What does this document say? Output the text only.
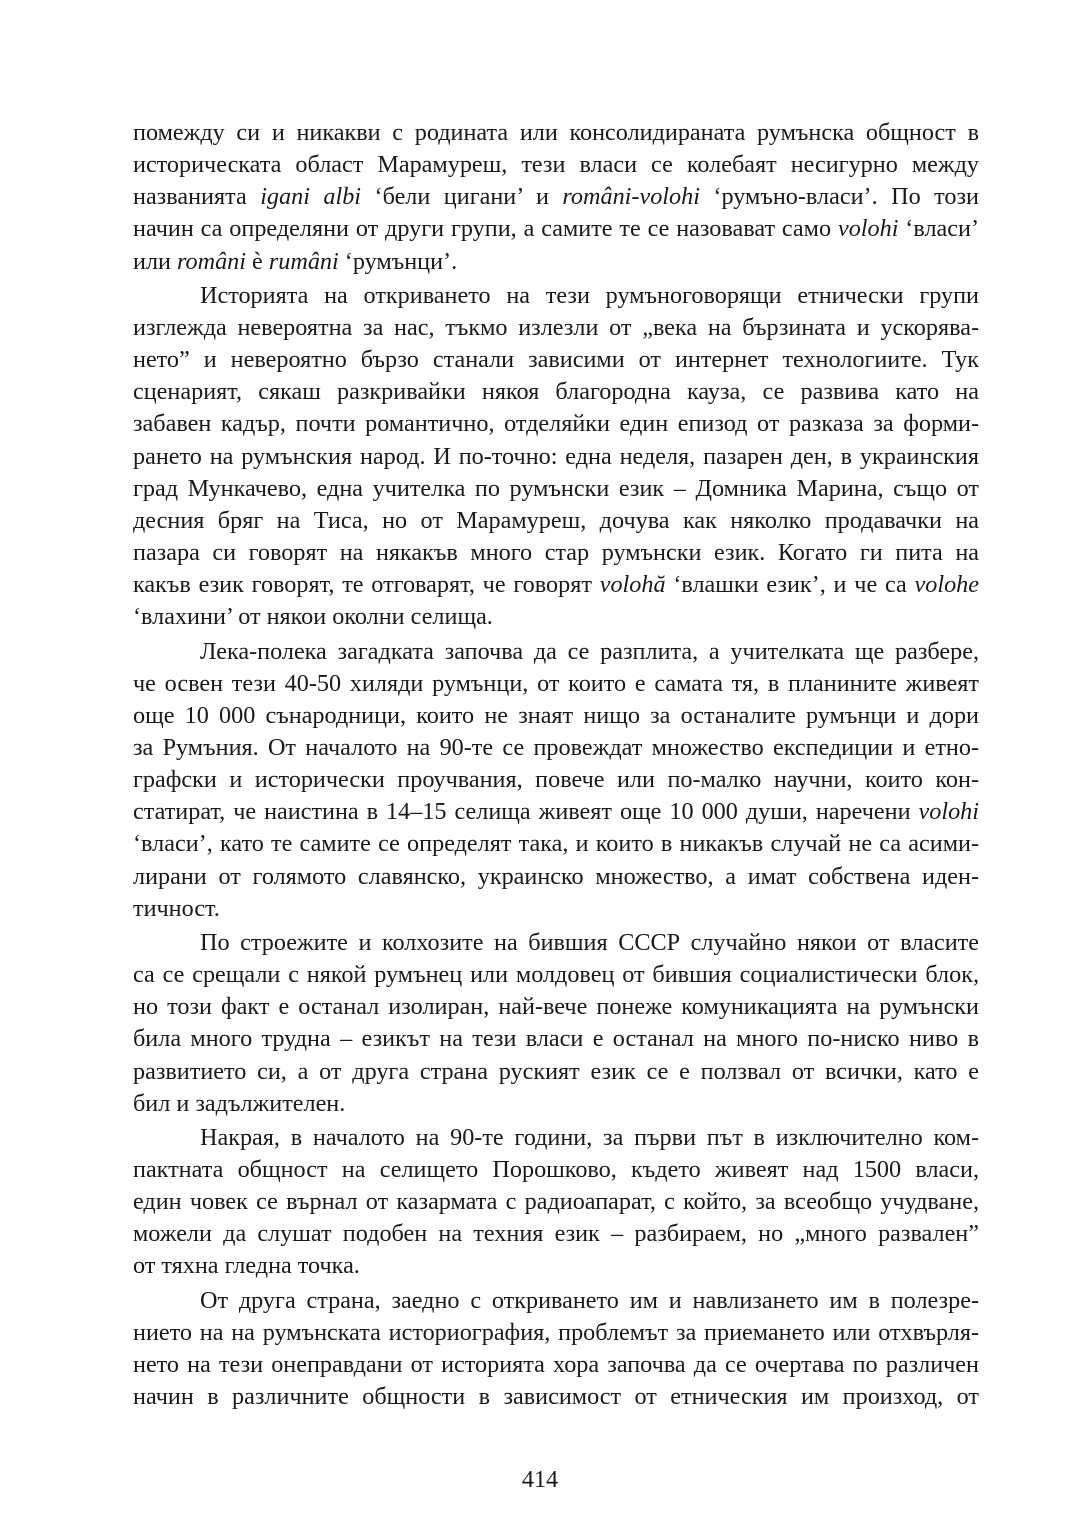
помежду си и никакви с родината или консолидираната румънска общност в
историческата област Марамуреш, тези власи се колебаят несигурно между
названията igani albi ‘бели цигани’ и români-volohi ‘румъно-власи’. По този
начин са определяни от други групи, а самите те се назовават само volohi ‘власи’
или români è rumâni ‘румънци’.
Историята на откриването на тези румъноговорящи етнически групи
изглежда невероятна за нас, тъкмо излезли от „века на бързината и ускорява-
нето” и невероятно бързо станали зависими от интернет технологиите. Тук
сценарият, сякаш разкривайки някоя благородна кауза, се развива като на
забавен кадър, почти романтично, отделяйки един епизод от разказа за форми-
рането на румънския народ. И по-точно: една неделя, пазарен ден, в украинския
град Мункачево, една учителка по румънски език – Домника Марина, също от
десния бряг на Тиса, но от Марамуреш, дочува как няколко продавачки на
пазара си говорят на някакъв много стар румънски език. Когато ги пита на
какъв език говорят, те отговарят, че говорят volohă ‘влашки език’, и че са volohe
‘влахини’ от някои околни селища.
Лека-полека загадката започва да се разплита, а учителката ще разбере,
че освен тези 40-50 хиляди румънци, от които е самата тя, в планините живеят
още 10 000 сънародници, които не знаят нищо за останалите румънци и дори
за Румъния. От началото на 90-те се провеждат множество експедиции и етно-
графски и исторически проучвания, повече или по-малко научни, които кон-
статират, че наистина в 14–15 селища живеят още 10 000 души, наречени volohi
‘власи’, като те самите се определят така, и които в никакъв случай не са асими-
лирани от голямото славянско, украинско множество, а имат собствена иден-
тичност.
По строежите и колхозите на бившия СССР случайно някои от власите
са се срещали с някой румънец или молдовец от бившия социалистически блок,
но този факт е останал изолиран, най-вече понеже комуникацията на румънски
била много трудна – езикът на тези власи е останал на много по-ниско ниво в
развитието си, а от друга страна руският език се е ползвал от всички, като е
бил и задължителен.
Накрая, в началото на 90-те години, за първи път в изключително ком-
пактната общност на селището Порошково, където живеят над 1500 власи,
един човек се върнал от казармата с радиоапарат, с който, за всеобщо учудване,
можели да слушат подобен на техния език – разбираем, но „много развален”
от тяхна гледна точка.
От друга страна, заедно с откриването им и навлизането им в полезре-
нието на на румънската историография, проблемът за приемането или отхвърля-
нето на тези онеправдани от историята хора започва да се очертава по различен
начин в различните общности в зависимост от етническия им произход, от
414
